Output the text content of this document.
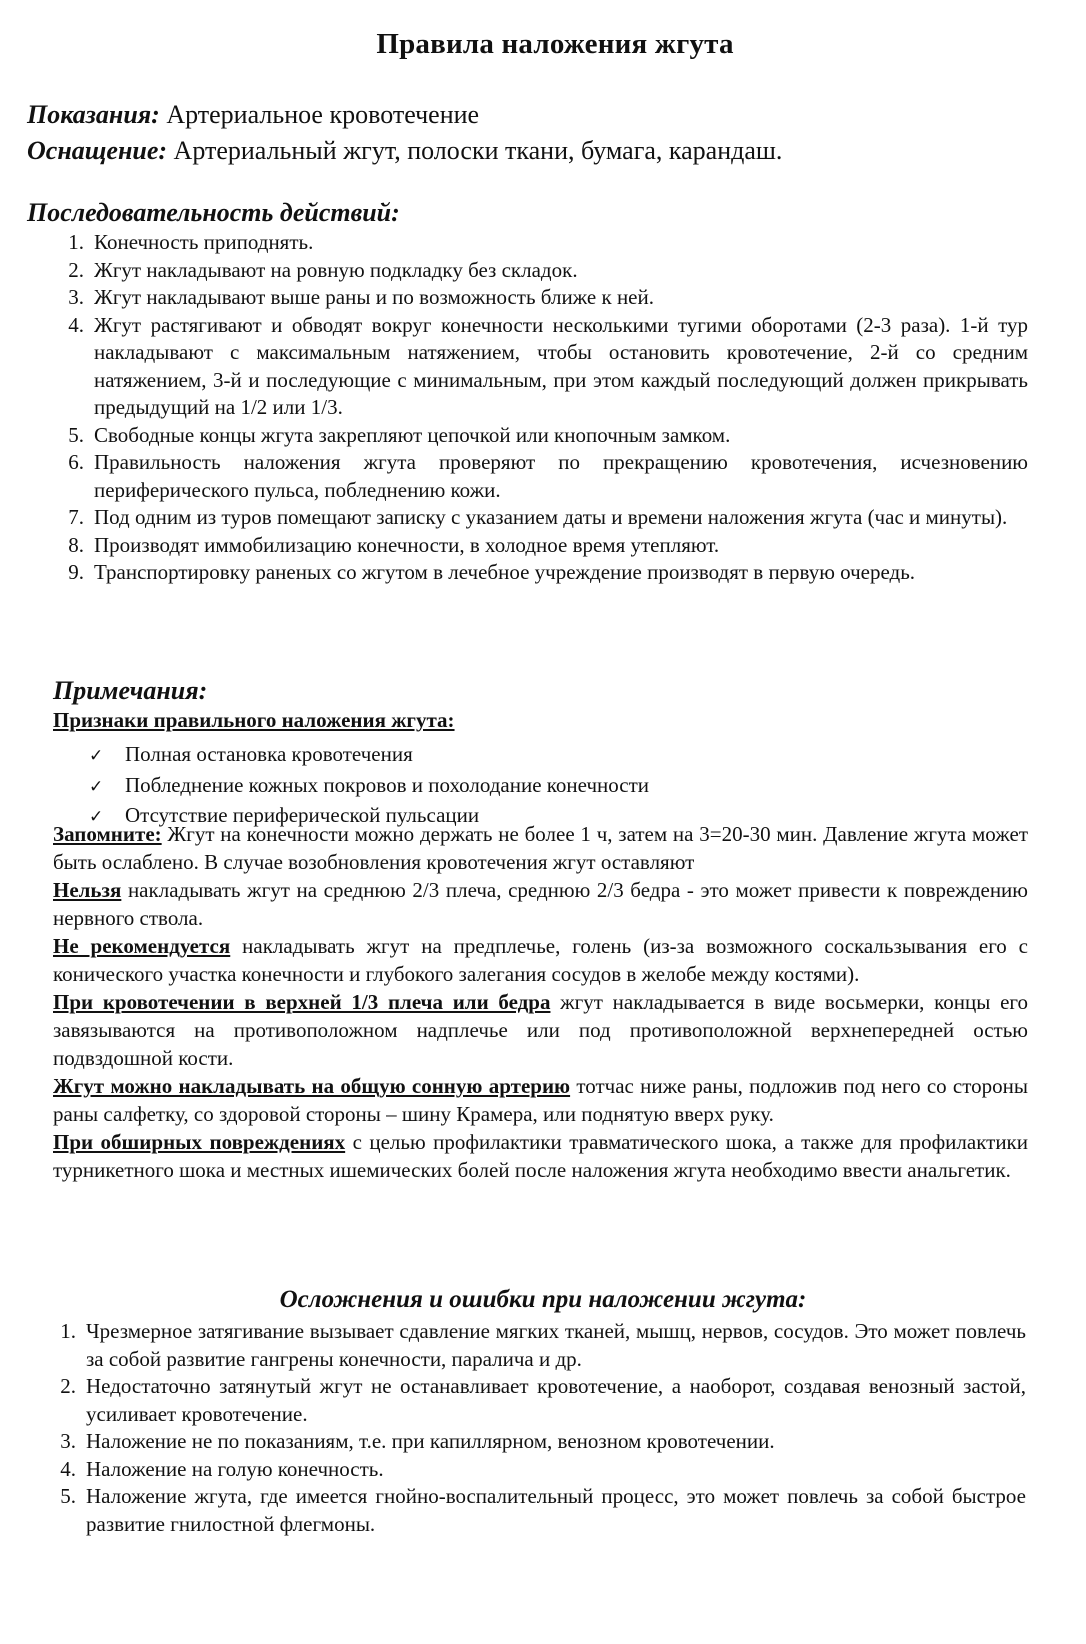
Правила наложения жгута
Показания: Артериальное кровотечение
Оснащение: Артериальный жгут, полоски ткани, бумага, карандаш.
Последовательность действий:
1. Конечность приподнять.
2. Жгут накладывают на ровную подкладку без складок.
3. Жгут накладывают выше раны и по возможность ближе к ней.
4. Жгут растягивают и обводят вокруг конечности несколькими тугими оборотами (2-3 раза). 1-й тур накладывают с максимальным натяжением, чтобы остановить кровотечение, 2-й со средним натяжением, 3-й и последующие с минимальным, при этом каждый последующий должен прикрывать предыдущий на 1/2 или 1/3.
5. Свободные концы жгута закрепляют цепочкой или кнопочным замком.
6. Правильность наложения жгута проверяют по прекращению кровотечения, исчезновению периферического пульса, побледнению кожи.
7. Под одним из туров помещают записку с указанием даты и времени наложения жгута (час и минуты).
8. Производят иммобилизацию конечности, в холодное время утепляют.
9. Транспортировку раненых со жгутом в лечебное учреждение производят в первую очередь.
Примечания:
Признаки правильного наложения жгута:
✓ Полная остановка кровотечения
✓ Побледнение кожных покровов и похолодание конечности
✓ Отсутствие периферической пульсации

Запомните: Жгут на конечности можно держать не более 1 ч, затем на 3=20-30 мин. Давление жгута может быть ослаблено. В случае возобновления кровотечения жгут оставляют

Нельзя накладывать жгут на среднюю 2/3 плеча, среднюю 2/3 бедра - это может привести к повреждению нервного ствола.

Не рекомендуется накладывать жгут на предплечье, голень (из-за возможного соскальзывания его с конического участка конечности и глубокого залегания сосудов в желобе между костями).

При кровотечении в верхней 1/3 плеча или бедра жгут накладывается в виде восьмерки, концы его завязываются на противоположном надплечье или под противоположной верхнепередней остью подвздошной кости.

Жгут можно накладывать на общую сонную артерию тотчас ниже раны, подложив под него со стороны раны салфетку, со здоровой стороны – шину Крамера, или поднятую вверх руку.

При обширных повреждениях с целью профилактики травматического шока, а также для профилактики турникетного шока и местных ишемических болей после наложения жгута необходимо ввести анальгетик.

Осложнения и ошибки при наложении жгута:
1. Чрезмерное затягивание вызывает сдавление мягких тканей, мышц, нервов, сосудов. Это может повлечь за собой развитие гангрены конечности, паралича и др.
2. Недостаточно затянутый жгут не останавливает кровотечение, а наоборот, создавая венозный застой, усиливает кровотечение.
3. Наложение не по показаниям, т.е. при капиллярном, венозном кровотечении.
4. Наложение на голую конечность.
5. Наложение жгута, где имеется гнойно-воспалительный процесс, это может повлечь за собой быстрое развитие гнилостной флегмоны.
